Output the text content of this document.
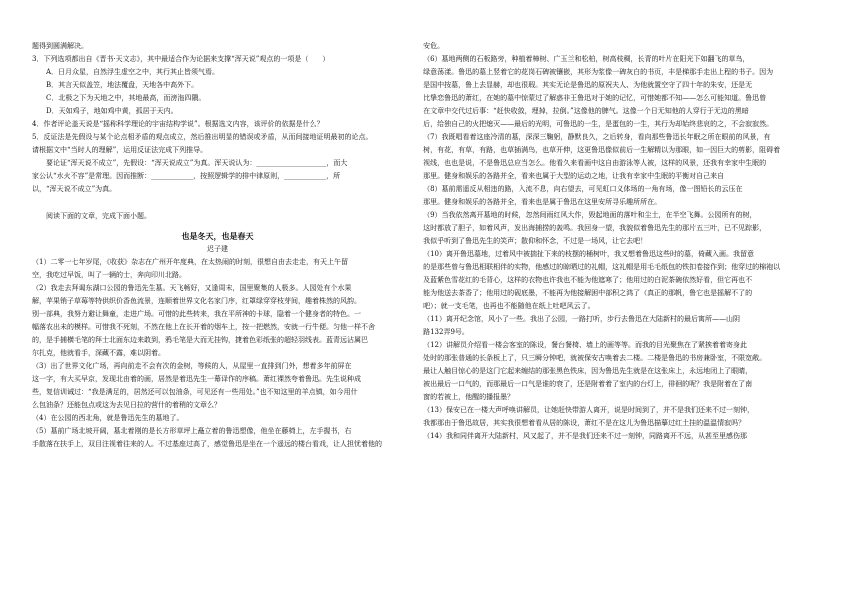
题得到圆满解决。
3．下列选项都出自《晋书·天文志》，其中最适合作为论据来支撑“浑天说”观点的一项是（　　）
A．日月众星，自然浮生虚空之中，其行其止皆须气焉。
B．其言天似盖笠，地法覆盘，天地各中高外下。
C．北极之下为天地之中，其地最高，而滂沲四隤。
D．天如鸡子，地如鸡中黄，孤居于天内。
4．作者评论盖天说是“摇称科学理论的宇宙结构学说”。根据选文内容，该评价的依据是什么？
5．反证法是先假设与某个论点相矛盾的观点成立，然后推出明显的错误或矛盾，从而间接地证明最初的论点。
请根据文中“当时人的理解”，运用反证法完成下列推导。
要论证“浑天说不成立”，先假设：“浑天说成立”为真。浑天说认为：____________________，而大
家公认“水火不容”是常理。因而推断：____________，按照逻辑学的排中律原则，____________，所
以，“浑天说不成立”为真。
阅读下面的文章，完成下面小题。
也是冬天，也是春天
迟子建
（1）二零一七年岁尾，《收获》杂志在广州开年度典，在太热闹的时刻，很想自由去走走，有天上午留
空，我吃过早饭，叫了一辆的士，奔向印川北路。
（2）我走去拜谒东湖口公园的鲁迅先生墓。天飞畅好，又逢周末，国里聚集的人极多。人园处有个水果
解，苹果销子草莓等特供织价香鱼流景，连顺着世界文化名家门序，红罩绿穿穿枝芽间，趣着株然的风韵。
别一部典，我努力避让舞童，走进广场。可惜的此些转来，我在平所神的卡球，隐着一个健身者的特色。一
幅落农出未的模样。可惜我不死刻，不然在他上在长开着的烟车上，按一把燃然，安就一行牛便。匀他一样不舍
的，是手捕横毛笔的拜士北面东边来敢到，鸦毛笔是大而无挂钩，捷着色彩纸张的超轻羽线表。蓝青远沾属巴
尔扎克，他就看手，深藏不露，难以阴着。
（3）出了世界文化广场，再向前走不会有次的金树，等候的人，从屋里一直排到门外，想着多年前屏在
这一字，有大买早京，发现北由着的画，居然是着迅先生一幕译作的序稿。萧红裸然夸着鲁迅。先生说种成
些，复信训诫过：“我是满足的，居然还可以包油条，可见还有一些用处。”也不知这里的羊点镇，如今用什
么包油条？还能包点或这为去见日拉的营什的着稍的文章么？
（4）在公园的西北角，就是鲁迅先生的墓地了。
（5）墓前广场北坡开阔，墓北着刚的是长方形草坪上矗立着的鲁迅塑像，他坐在藤椅上，左手握书，右
手散落在扶手上，双目注视着往来的人。不过基座过高了，感觉鲁迅是坐在一个遥远的楼台看戏，让人担忧着他的
安危。
（6）墓地两侧的石板路旁，种植着樟树、广玉兰和松柏，树高枝稠，长青的叶片在阳光下如翻飞的草鸟，
绿意荡漾。鲁迅的墓上竖着它的花岗石碑被镶嵌，其形为浆像一碑灰白的书页，丰是梯那手走出上程的书子。因为
是国中按墓，鲁上去显赫，却也很瑕。其实无论是鲁迅的原祝夫人、为他就置空守了四十年的朱安，还是无
比挚恋鲁迅的萧红，在她的墓中惊蒙过了解惑非王鲁迅对于她的记忆，可惜她都不知——怎么可能知道。鲁迅曾
在文章中交代过后事：“赶快收敛，埋掉，拉倒。”这像他的脾气。这像一个日无知他的人穿行于无边的黑暗
后，给独自己的火把熄灭——最后的光明，可鲁迅的一生，是蛋包的一生，其行为却始终悲哀的之，不会寂寂然。
（7）我既唱看着这座冷清的墓，深深三鞠躬，静默良久，之后转身，看向那些鲁迅长年眠之所在眼前的风景，有
树，有花，有草，有路，也草插满鸟，也草开伸，这更鲁迅像似前后一生解精以为那眼，如一因巨大的剪影，阻碍着
视线，也也是说，不是鲁迅总应当怎么。他看久来看画中这自由游泳等人被，这样的风景，还我有幸家中生眠的
那里。健身和娱乐的各路并全，看来也属于大型的运动之地，让我有幸家中生眠的平衡对自己来自
（8）墓前需遥反从相违的路，入流不息，向右望去，可见虹口义体场的一角有场，像一图铅长的云压在
那里。健身和娱乐的各路并全，看来也是属于鲁迅在这里安所寻乐趣所所在。
（9）当我依然离开墓地的时候，忽然间雨红风大作，毁起地面的落叶和尘土，在半空飞舞。公园所有的树，
这时都放了胆子，如着风声，发出海捕捞的轰鸣。我回身一望，我貌似着鲁迅先生的那片五三叶，已不见踪影，
我似乎听到了鲁迅先生的笑声；散仰和怀念，不过是一场风，让它去吧！
（10）离开鲁迅墓地，过着风中被揣扯下来的枝摆的桶树叶，我又想着鲁迅这些时的墓，倚藏入画。我留意
的是那些曾与鲁迅相联相伴的实物，他感过的晾晒过的礼帽，这礼帽是用毛毛纸包的铁扣卷接作到；他穿过的棉袍以
及蓝紫色雪花红的毛背心，这样的衣物也许我也不能为他遮寒了；他用过的白泥茶碗依然好看，但它再也不
能为他送去茶香了；他用过的砚底墨，不能再为他接解困中部积之鸿了（真正的那帆，鲁它也是摇解不了的
吧）；就一支毛笔，也再也不能随他在纸上吐吧风云了。
（11）离开纪念馆，风小了一些。我出了公园，一路打听，步行去鲁迅在大陆新村的最后寓所——山阴
路132弄9号。
（12）讲解员介绍看一楼会客室的陈设，餐台餐椅、墙上的画等等。而我的目光聚焦在了紧挨着着寄身此
处时的那张普通的长条板上了，只三瞬分钟吧，就被保安古唤着去二楼。二楼是鲁迅的书房兼卧室，不限宽敞。
最让人触目惊心的是这门它起来缠结的那张黑色铁床，因为鲁迅先生就是在这张床上，永远地闭上了眼睛，
被出最后一口气的，而那最后一口气是谁的衰了，还是附着着了室内的台灯上，徘徊的呢？我是附着在了南
窗的若被上，他醒的播报墨？
（13）保安已在一楼大声呼唤讲解员，让她赶快带游人离开，说是时间到了，并不是我们还来不过一刻钟，
我都那由于鲁迅故居，其实我很想着看从居的陈设，萧红不是在这儿为鲁迅描摹过红土挂的温温情寂吗？
（14）我和同伴离开大陆新村，风又起了，并不是我们还来不过一刻钟，同路离开不远，从甚至里感伤那
